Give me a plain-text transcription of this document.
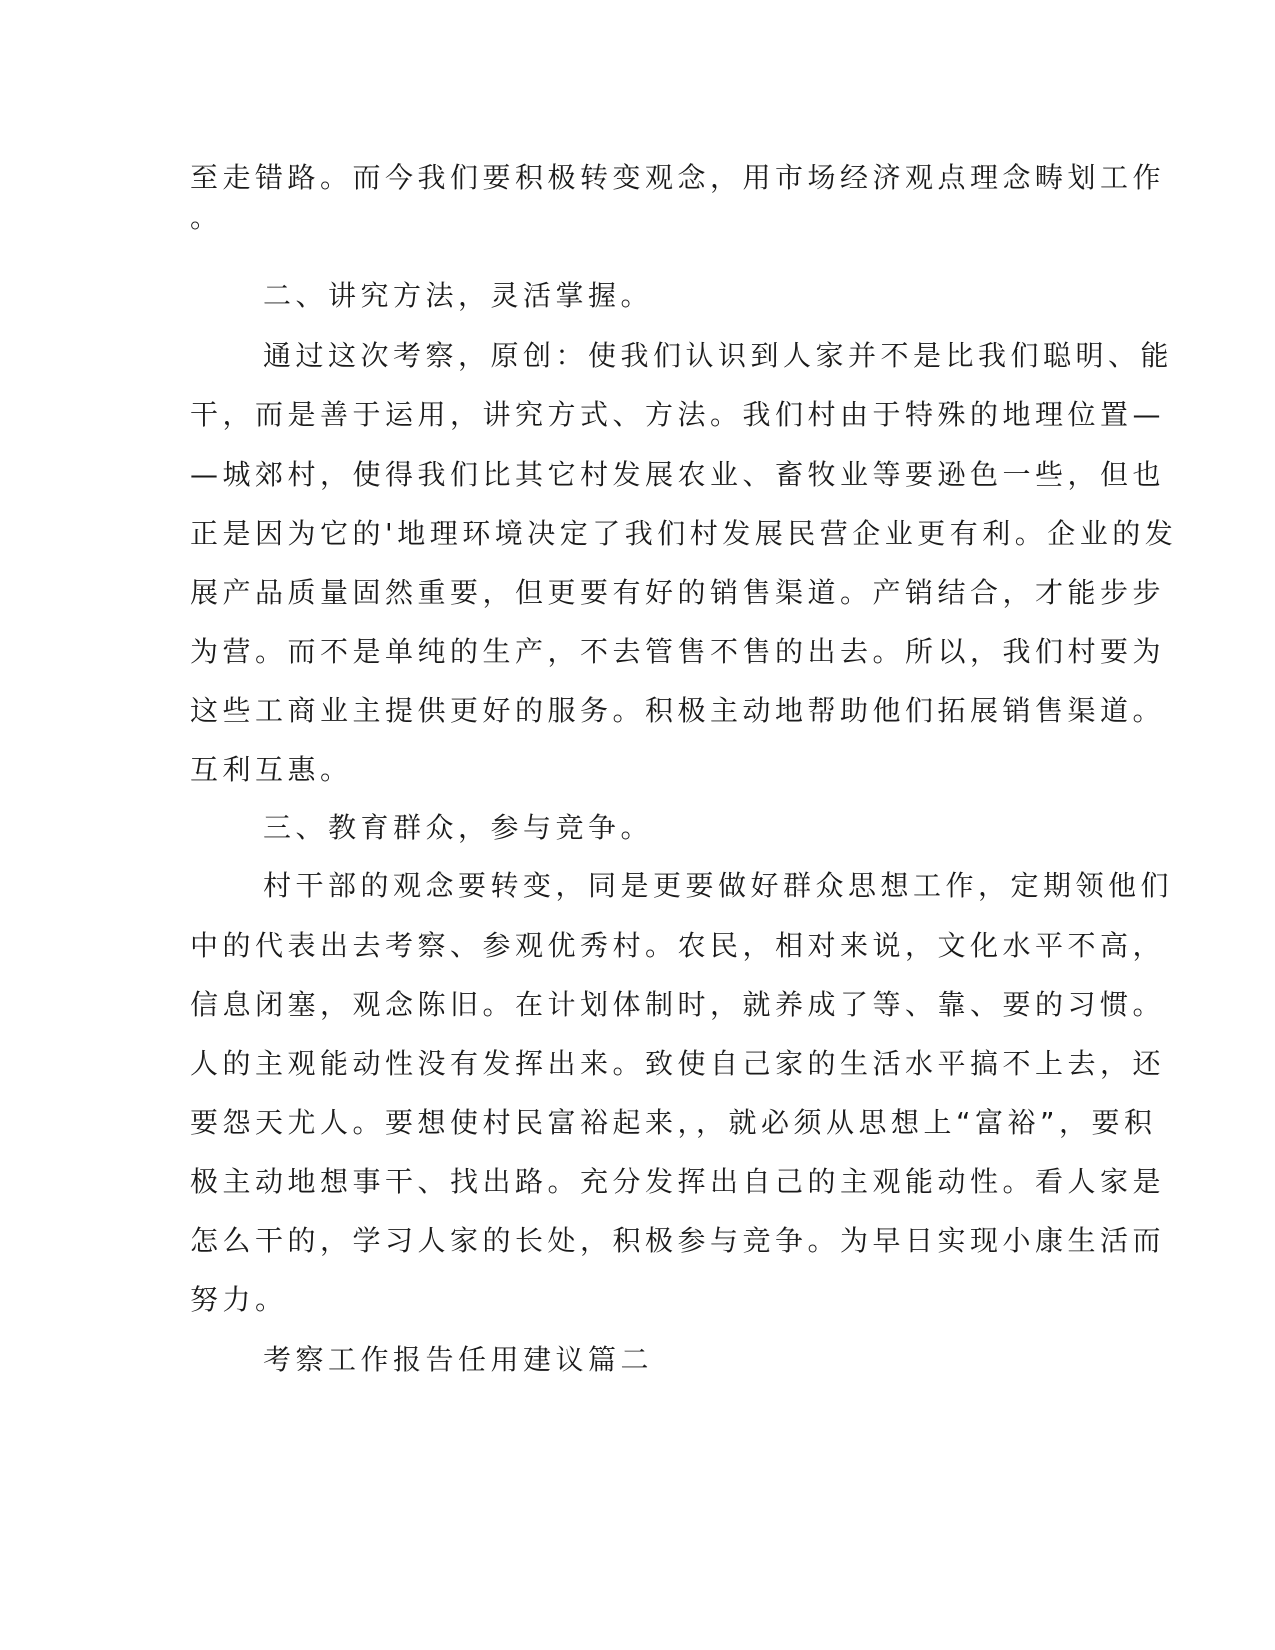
至走错路。而今我们要积极转变观念，用市场经济观点理念畴划工作
。
二、讲究方法，灵活掌握。
通过这次考察，原创：使我们认识到人家并不是比我们聪明、能
干，而是善于运用，讲究方式、方法。我们村由于特殊的地理位置—
—城郊村，使得我们比其它村发展农业、畜牧业等要逊色一些，但也
正是因为它的'地理环境决定了我们村发展民营企业更有利。企业的发
展产品质量固然重要，但更要有好的销售渠道。产销结合，才能步步
为营。而不是单纯的生产，不去管售不售的出去。所以，我们村要为
这些工商业主提供更好的服务。积极主动地帮助他们拓展销售渠道。
互利互惠。
三、教育群众，参与竞争。
村干部的观念要转变，同是更要做好群众思想工作，定期领他们
中的代表出去考察、参观优秀村。农民，相对来说，文化水平不高，
信息闭塞，观念陈旧。在计划体制时，就养成了等、靠、要的习惯。
人的主观能动性没有发挥出来。致使自己家的生活水平搞不上去，还
要怨天尤人。要想使村民富裕起来，，就必须从思想上“富裕”，要积
极主动地想事干、找出路。充分发挥出自己的主观能动性。看人家是
怎么干的，学习人家的长处，积极参与竞争。为早日实现小康生活而
努力。
考察工作报告任用建议篇二
